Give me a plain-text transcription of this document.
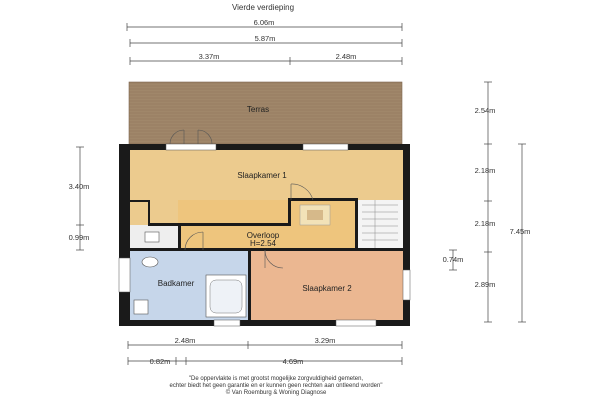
Vierde verdieping
6.06m
5.87m
3.37m	2.48m
Terras
Slaapkamer 1
Overloop
H=2.54
Badkamer
Slaapkamer 2
3.40m
0.99m
2.54m
2.18m
2.18m
2.89m
7.45m
0.74m
2.48m	3.29m
0.82m	4.69m
"De oppervlakte is met grootst mogelijke zorgvuldigheid gemeten,
echter biedt het geen garantie en er kunnen geen rechten aan ontleend worden"
© Van Roemburg & Woning Diagnose
